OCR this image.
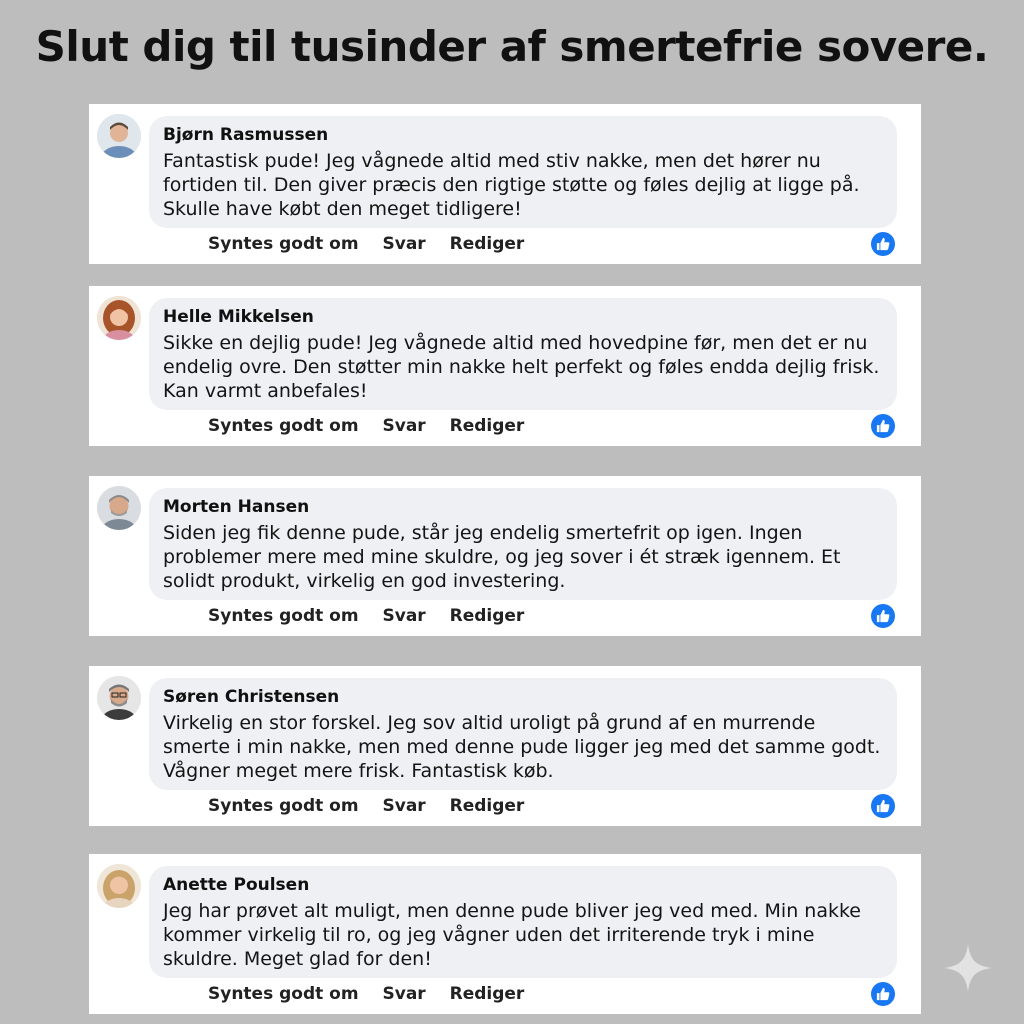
Slut dig til tusinder af smertefrie sovere.
Bjørn Rasmussen
Fantastisk pude! Jeg vågnede altid med stiv nakke, men det hører nu fortiden til. Den giver præcis den rigtige støtte og føles dejlig at ligge på. Skulle have købt den meget tidligere!
Syntes godt om Svar Rediger
Helle Mikkelsen
Sikke en dejlig pude! Jeg vågnede altid med hovedpine før, men det er nu endelig ovre. Den støtter min nakke helt perfekt og føles endda dejlig frisk. Kan varmt anbefales!
Syntes godt om Svar Rediger
Morten Hansen
Siden jeg fik denne pude, står jeg endelig smertefrit op igen. Ingen problemer mere med mine skuldre, og jeg sover i ét stræk igennem. Et solidt produkt, virkelig en god investering.
Syntes godt om Svar Rediger
Søren Christensen
Virkelig en stor forskel. Jeg sov altid uroligt på grund af en murrende smerte i min nakke, men med denne pude ligger jeg med det samme godt. Vågner meget mere frisk. Fantastisk køb.
Syntes godt om Svar Rediger
Anette Poulsen
Jeg har prøvet alt muligt, men denne pude bliver jeg ved med. Min nakke kommer virkelig til ro, og jeg vågner uden det irriterende tryk i mine skuldre. Meget glad for den!
Syntes godt om Svar Rediger
